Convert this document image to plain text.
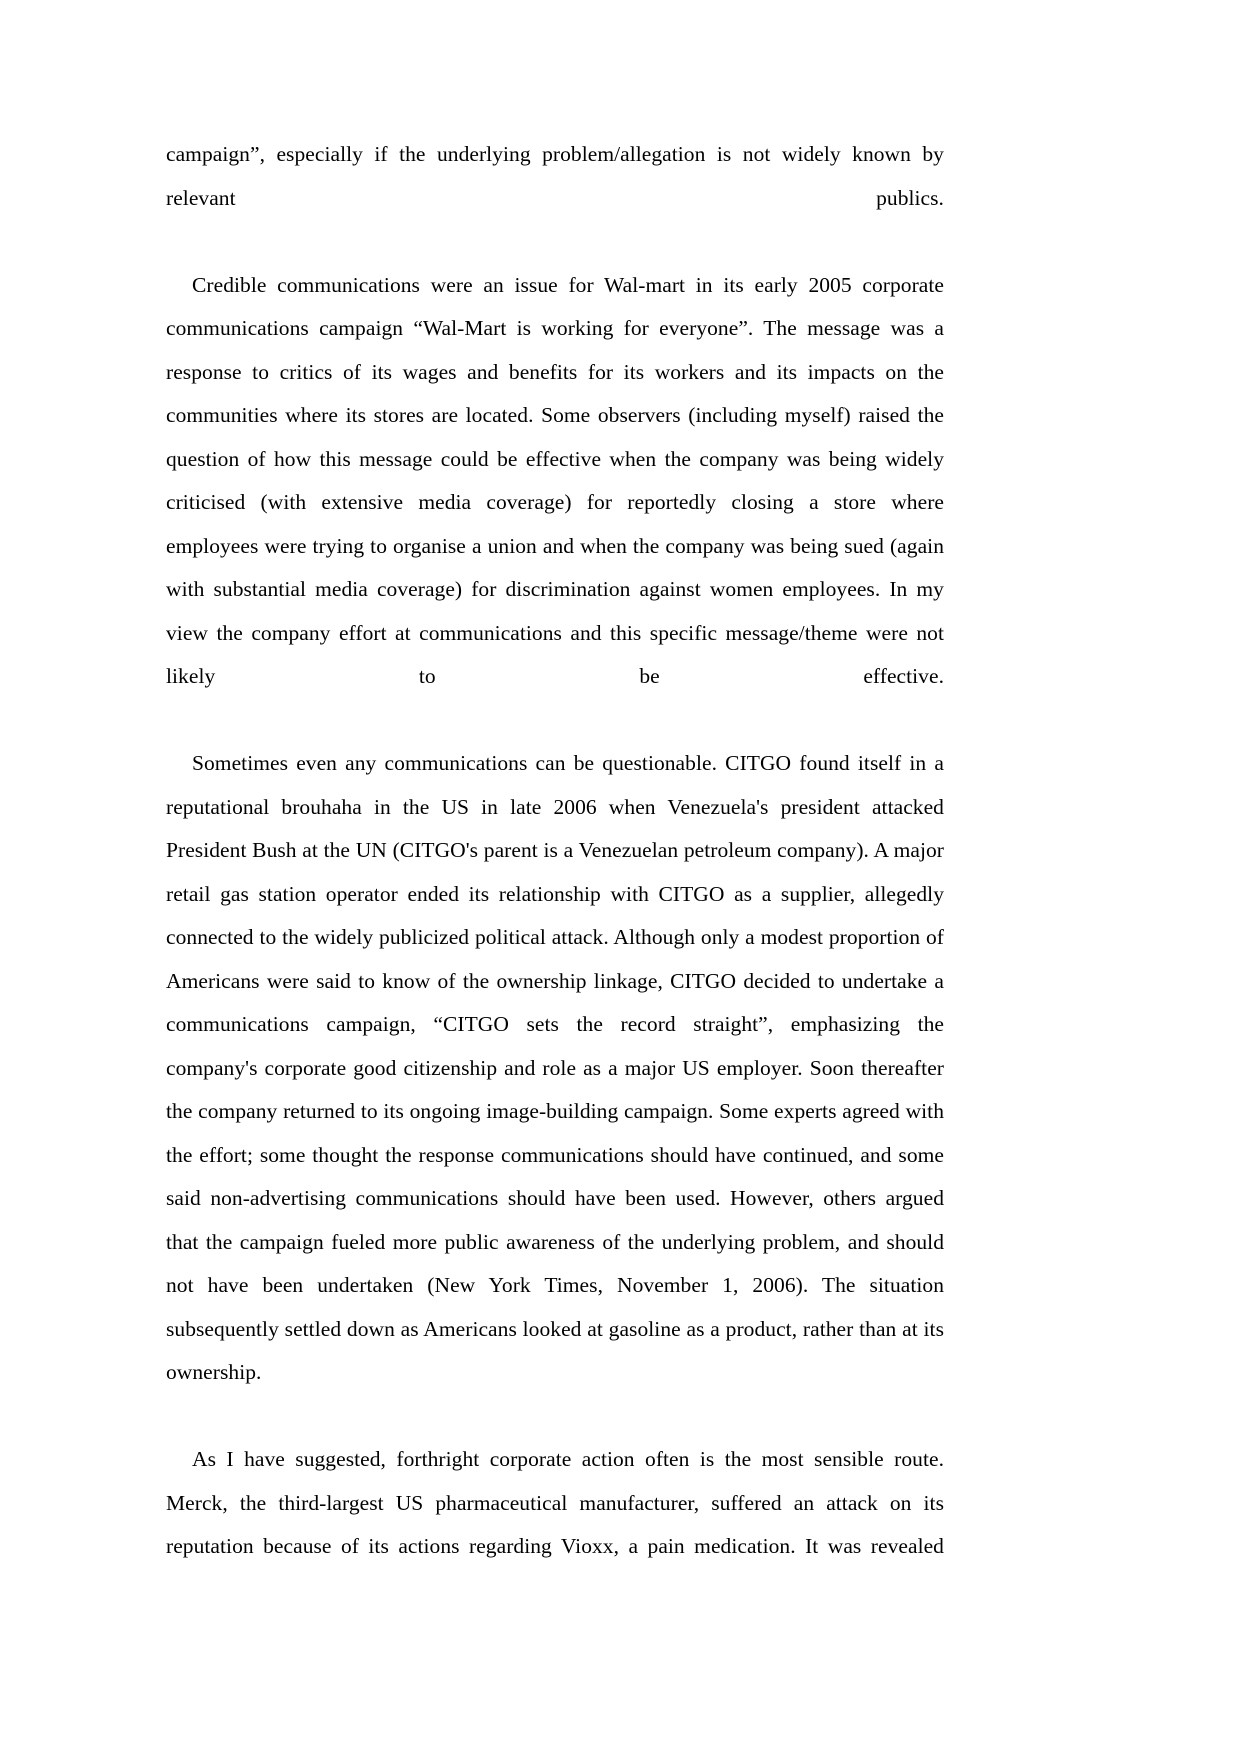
campaign”, especially if the underlying problem/allegation is not widely known by relevant publics.

Credible communications were an issue for Wal-mart in its early 2005 corporate communications campaign “Wal-Mart is working for everyone”. The message was a response to critics of its wages and benefits for its workers and its impacts on the communities where its stores are located. Some observers (including myself) raised the question of how this message could be effective when the company was being widely criticised (with extensive media coverage) for reportedly closing a store where employees were trying to organise a union and when the company was being sued (again with substantial media coverage) for discrimination against women employees. In my view the company effort at communications and this specific message/theme were not likely to be effective.

Sometimes even any communications can be questionable. CITGO found itself in a reputational brouhaha in the US in late 2006 when Venezuela's president attacked President Bush at the UN (CITGO's parent is a Venezuelan petroleum company). A major retail gas station operator ended its relationship with CITGO as a supplier, allegedly connected to the widely publicized political attack. Although only a modest proportion of Americans were said to know of the ownership linkage, CITGO decided to undertake a communications campaign, “CITGO sets the record straight”, emphasizing the company's corporate good citizenship and role as a major US employer. Soon thereafter the company returned to its ongoing image-building campaign. Some experts agreed with the effort; some thought the response communications should have continued, and some said non-advertising communications should have been used. However, others argued that the campaign fueled more public awareness of the underlying problem, and should not have been undertaken (New York Times, November 1, 2006). The situation subsequently settled down as Americans looked at gasoline as a product, rather than at its ownership.

As I have suggested, forthright corporate action often is the most sensible route. Merck, the third-largest US pharmaceutical manufacturer, suffered an attack on its reputation because of its actions regarding Vioxx, a pain medication. It was revealed
